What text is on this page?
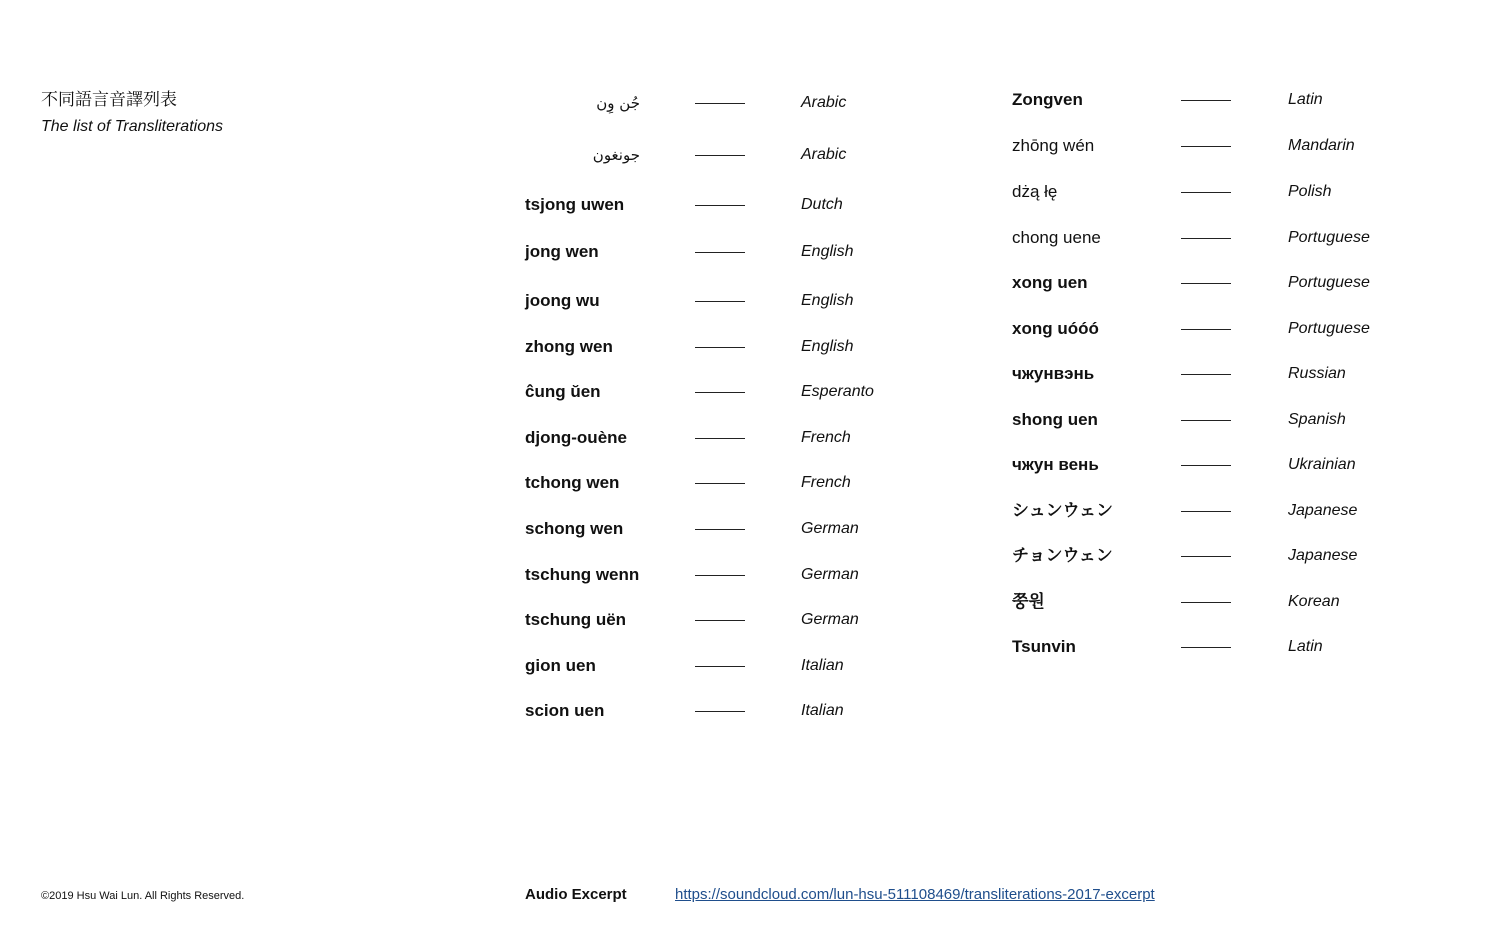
不同語言音譯列表
The list of Transliterations
جُن وِن	Arabic
جونغون	Arabic
tsjong uwen	Dutch
jong wen	English
joong wu	English
zhong wen	English
ĉung ŭen	Esperanto
djong-ouène	French
tchong wen	French
schong wen	German
tschung wenn	German
tschung uën	German
gion uen	Italian
scion uen	Italian
Zongven	Latin
zhōng wén	Mandarin
dżą łę	Polish
chong uene	Portuguese
xong uen	Portuguese
xong uóóó	Portuguese
чжунвэнь	Russian
shong uen	Spanish
чжун вень	Ukrainian
シュンウェン	Japanese
チョンウェン	Japanese
쭝원	Korean
Tsunvin	Latin
©2019 Hsu Wai Lun. All Rights Reserved.	Audio Excerpt	https://soundcloud.com/lun-hsu-511108469/transliterations-2017-excerpt
